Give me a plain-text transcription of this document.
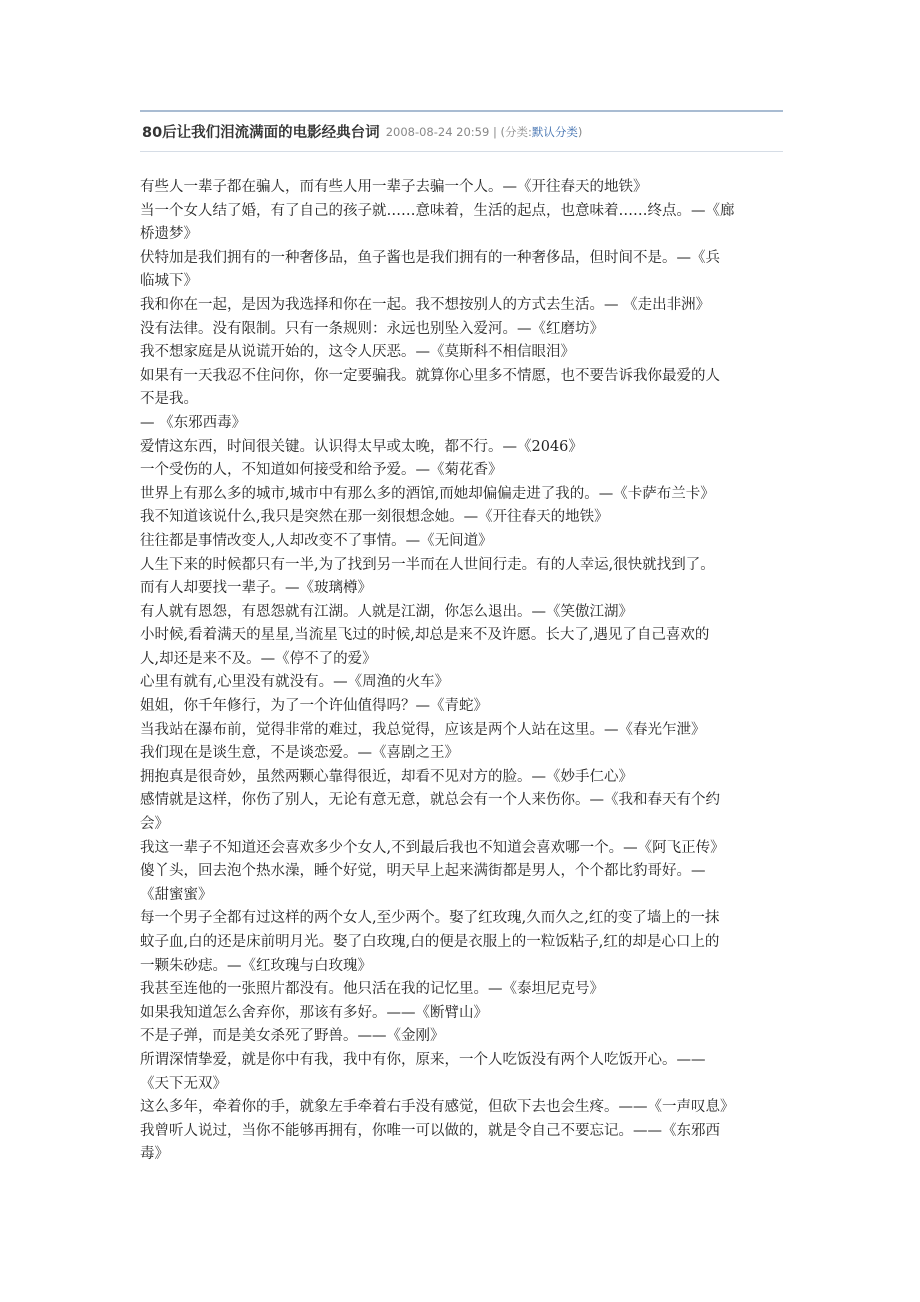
80后让我们泪流满面的电影经典台词 2008-08-24 20:59 | (分类:默认分类)
有些人一辈子都在骗人，而有些人用一辈子去骗一个人。—《开往春天的地铁》
当一个女人结了婚，有了自己的孩子就……意味着，生活的起点，也意味着……终点。—《廊
桥遗梦》
伏特加是我们拥有的一种奢侈品，鱼子酱也是我们拥有的一种奢侈品，但时间不是。—《兵
临城下》
我和你在一起，是因为我选择和你在一起。我不想按别人的方式去生活。— 《走出非洲》
没有法律。没有限制。只有一条规则：永远也别坠入爱河。—《红磨坊》
我不想家庭是从说谎开始的，这令人厌恶。—《莫斯科不相信眼泪》
如果有一天我忍不住问你，你一定要骗我。就算你心里多不情愿，也不要告诉我你最爱的人
不是我。
— 《东邪西毒》
爱情这东西，时间很关键。认识得太早或太晚，都不行。—《2046》
一个受伤的人，不知道如何接受和给予爱。—《菊花香》
世界上有那么多的城市,城市中有那么多的酒馆,而她却偏偏走进了我的。—《卡萨布兰卡》
我不知道该说什么,我只是突然在那一刻很想念她。—《开往春天的地铁》
往往都是事情改变人,人却改变不了事情。—《无间道》
人生下来的时候都只有一半,为了找到另一半而在人世间行走。有的人幸运,很快就找到了。
而有人却要找一辈子。—《玻璃樽》
有人就有恩怨，有恩怨就有江湖。人就是江湖，你怎么退出。—《笑傲江湖》
小时候,看着满天的星星,当流星飞过的时候,却总是来不及许愿。长大了,遇见了自己喜欢的
人,却还是来不及。—《停不了的爱》
心里有就有,心里没有就没有。—《周渔的火车》
姐姐，你千年修行，为了一个许仙值得吗？—《青蛇》
当我站在瀑布前，觉得非常的难过，我总觉得，应该是两个人站在这里。—《春光乍泄》
我们现在是谈生意，不是谈恋爱。—《喜剧之王》
拥抱真是很奇妙，虽然两颗心靠得很近，却看不见对方的脸。—《妙手仁心》
感情就是这样，你伤了别人，无论有意无意，就总会有一个人来伤你。—《我和春天有个约
会》
我这一辈子不知道还会喜欢多少个女人,不到最后我也不知道会喜欢哪一个。—《阿飞正传》
傻丫头，回去泡个热水澡，睡个好觉，明天早上起来满街都是男人，个个都比豹哥好。—
《甜蜜蜜》
每一个男子全都有过这样的两个女人,至少两个。娶了红玫瑰,久而久之,红的变了墙上的一抹
蚊子血,白的还是床前明月光。娶了白玫瑰,白的便是衣服上的一粒饭粘子,红的却是心口上的
一颗朱砂痣。—《红玫瑰与白玫瑰》
我甚至连他的一张照片都没有。他只活在我的记忆里。—《泰坦尼克号》
如果我知道怎么舍弃你，那该有多好。——《断臂山》
不是子弹，而是美女杀死了野兽。——《金刚》
所谓深情挚爱，就是你中有我，我中有你，原来，一个人吃饭没有两个人吃饭开心。——
《天下无双》
这么多年，牵着你的手，就象左手牵着右手没有感觉，但砍下去也会生疼。——《一声叹息》
我曾听人说过，当你不能够再拥有，你唯一可以做的，就是令自己不要忘记。——《东邪西
毒》
